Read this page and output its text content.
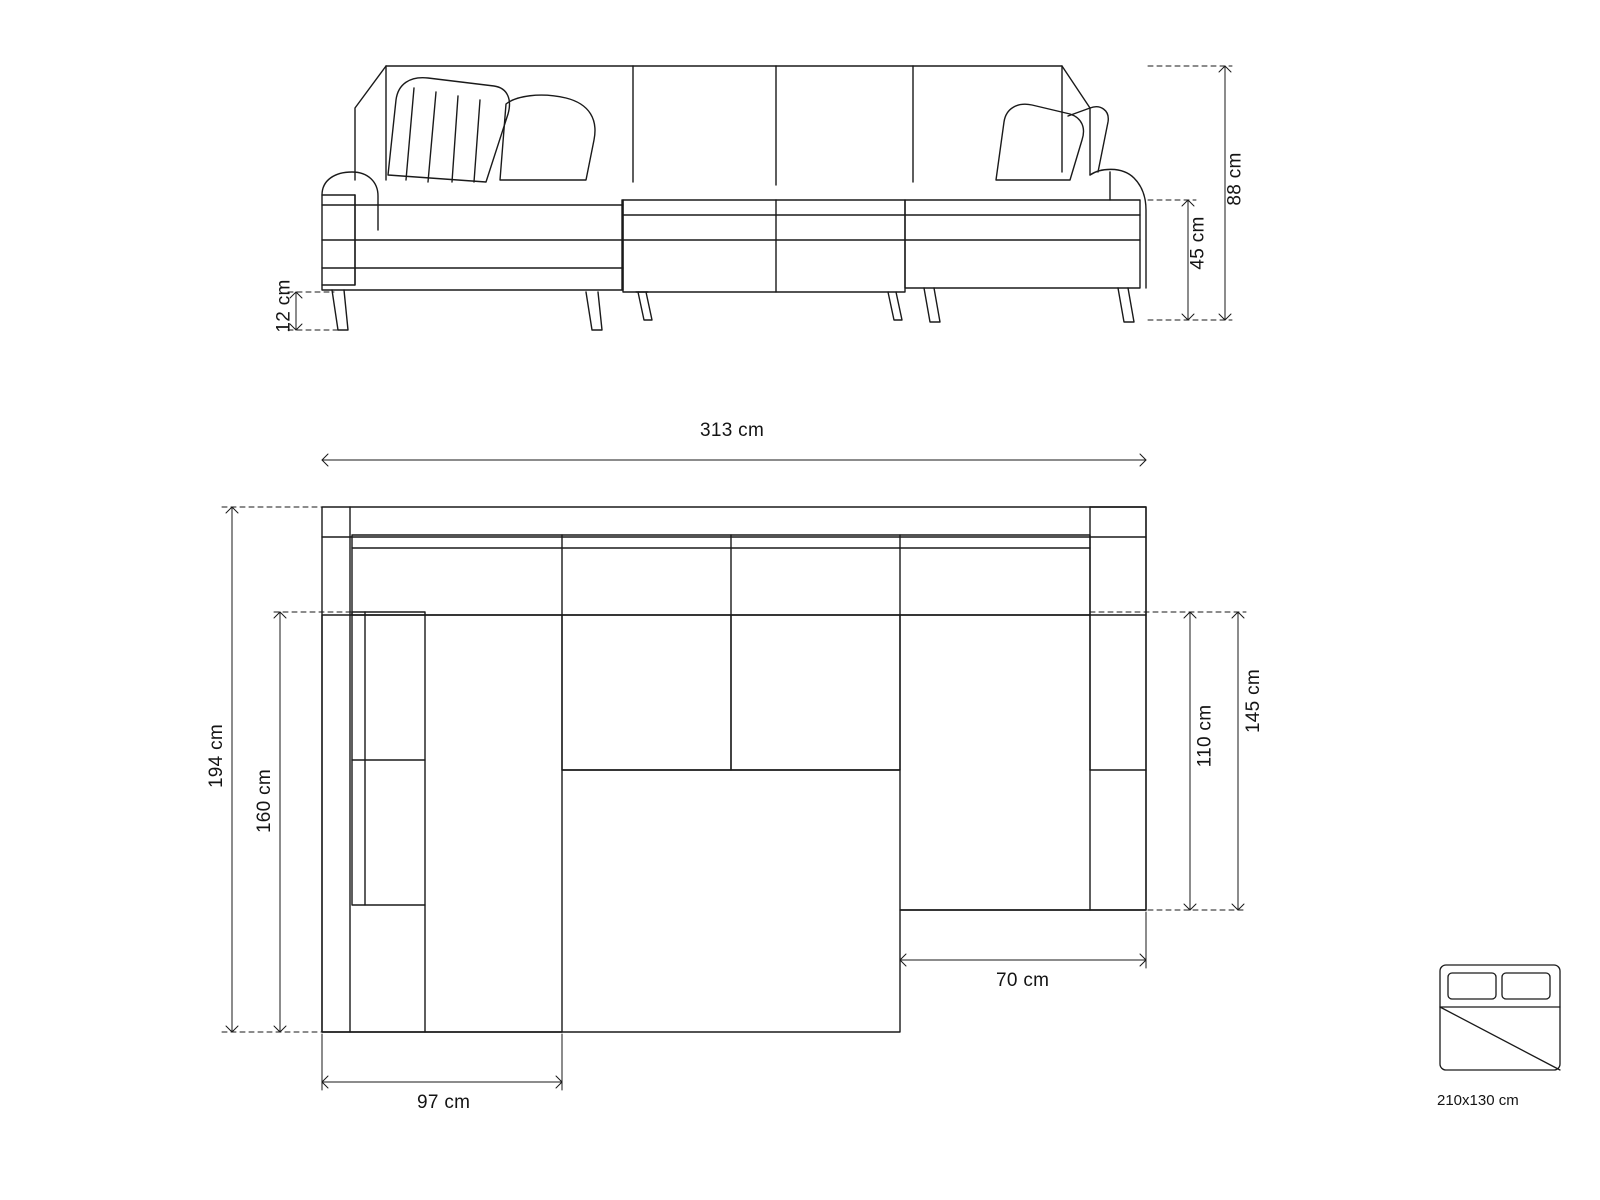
88 cm
45 cm
12 cm
313 cm
194 cm
160 cm
145 cm
110 cm
70 cm
97 cm	210x130 cm
